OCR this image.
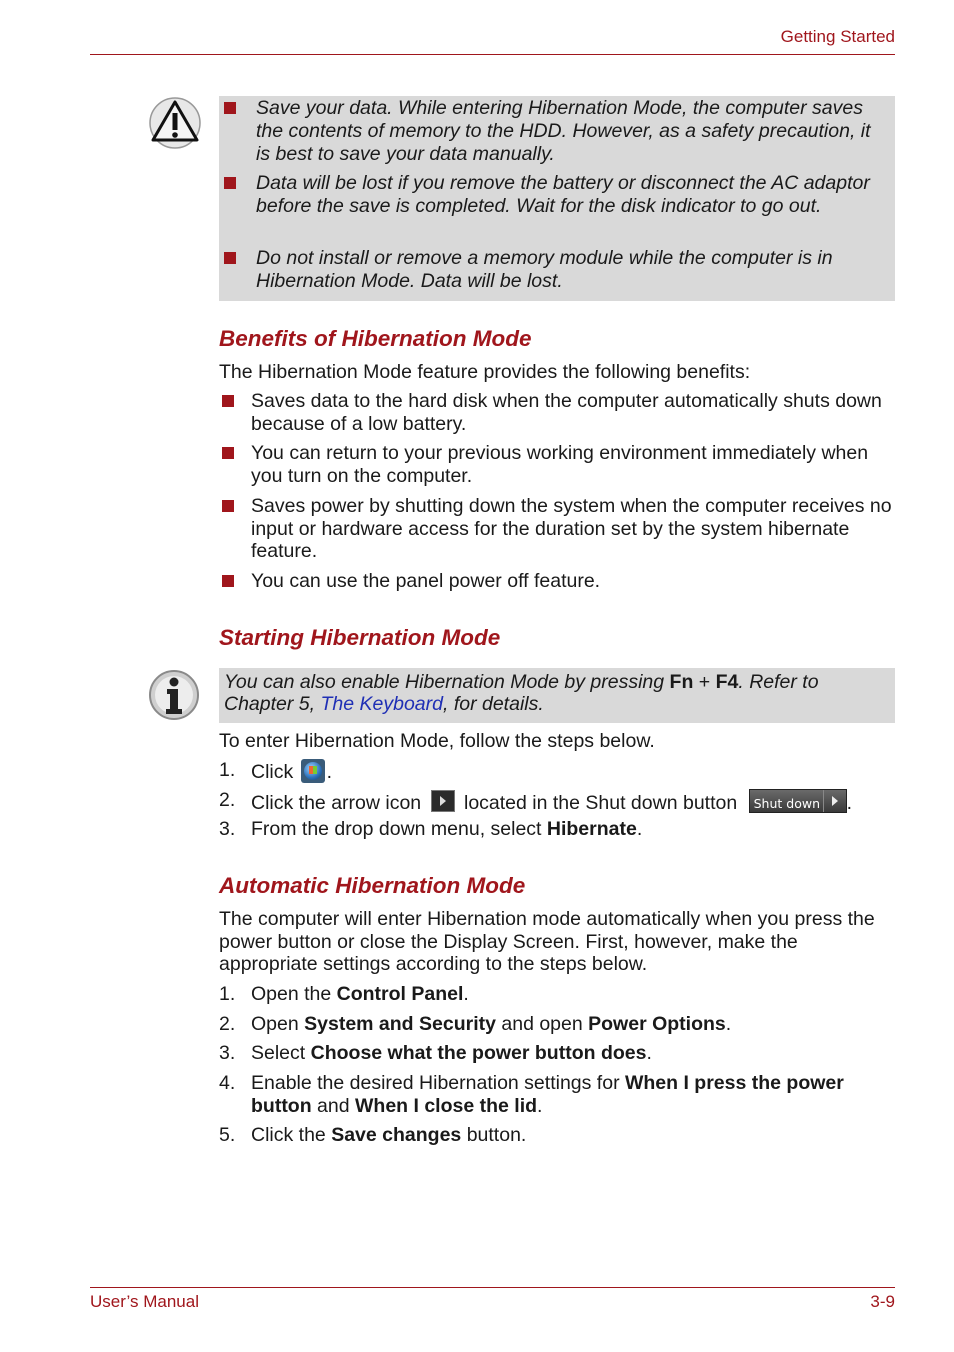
Getting Started
Save your data. While entering Hibernation Mode, the computer saves the contents of memory to the HDD. However, as a safety precaution, it is best to save your data manually.
Data will be lost if you remove the battery or disconnect the AC adaptor before the save is completed. Wait for the disk indicator to go out.
Do not install or remove a memory module while the computer is in Hibernation Mode. Data will be lost.
Benefits of Hibernation Mode
The Hibernation Mode feature provides the following benefits:
Saves data to the hard disk when the computer automatically shuts down because of a low battery.
You can return to your previous working environment immediately when you turn on the computer.
Saves power by shutting down the system when the computer receives no input or hardware access for the duration set by the system hibernate feature.
You can use the panel power off feature.
Starting Hibernation Mode
You can also enable Hibernation Mode by pressing Fn + F4. Refer to Chapter 5, The Keyboard, for details.
To enter Hibernation Mode, follow the steps below.
1. Click .
2. Click the arrow icon located in the Shut down button Shut down .
3. From the drop down menu, select Hibernate.
Automatic Hibernation Mode
The computer will enter Hibernation mode automatically when you press the power button or close the Display Screen. First, however, make the appropriate settings according to the steps below.
1. Open the Control Panel.
2. Open System and Security and open Power Options.
3. Select Choose what the power button does.
4. Enable the desired Hibernation settings for When I press the power button and When I close the lid.
5. Click the Save changes button.
User’s Manual	3-9
